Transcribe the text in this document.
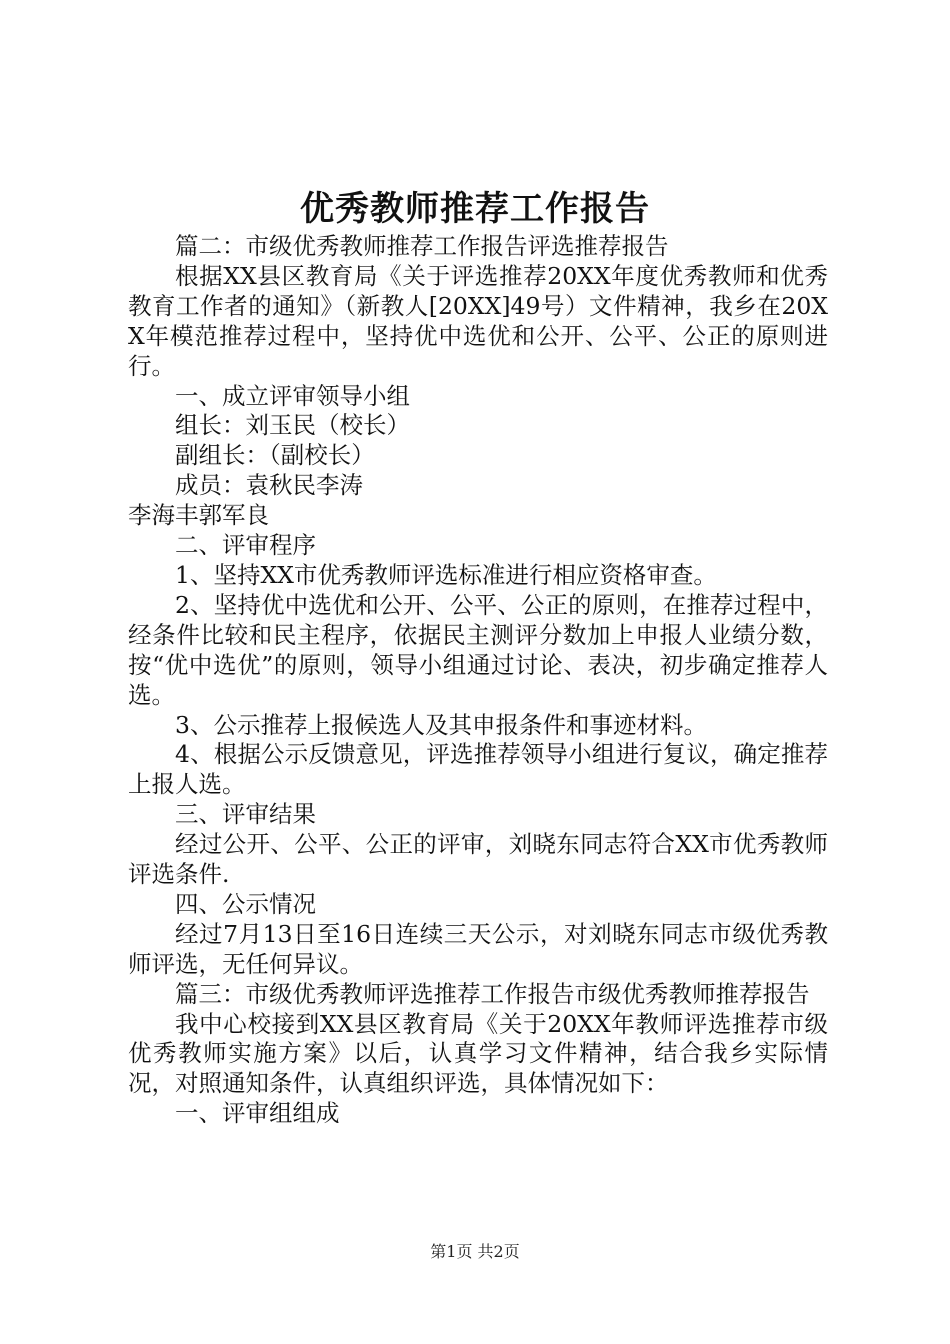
优秀教师推荐工作报告

篇二：市级优秀教师推荐工作报告评选推荐报告

根据XX县区教育局《关于评选推荐20XX年度优秀教师和优秀教育工作者的通知》（新教人[20XX]49号）文件精神，我乡在20XX年模范推荐过程中，坚持优中选优和公开、公平、公正的原则进行。

一、成立评审领导小组

组长：刘玉民（校长）

副组长：（副校长）

成员：袁秋民李涛

李海丰郭军良

二、评审程序

1、坚持XX市优秀教师评选标准进行相应资格审查。

2、坚持优中选优和公开、公平、公正的原则，在推荐过程中，经条件比较和民主程序，依据民主测评分数加上申报人业绩分数，按“优中选优”的原则，领导小组通过讨论、表决，初步确定推荐人选。

3、公示推荐上报候选人及其申报条件和事迹材料。

4、根据公示反馈意见，评选推荐领导小组进行复议，确定推荐上报人选。

三、评审结果

经过公开、公平、公正的评审，刘晓东同志符合XX市优秀教师评选条件.

四、公示情况

经过7月13日至16日连续三天公示，对刘晓东同志市级优秀教师评选，无任何异议。

篇三：市级优秀教师评选推荐工作报告市级优秀教师推荐报告

我中心校接到XX县区教育局《关于20XX年教师评选推荐市级优秀教师实施方案》以后，认真学习文件精神，结合我乡实际情况，对照通知条件，认真组织评选，具体情况如下：

一、评审组组成

第1页 共2页
